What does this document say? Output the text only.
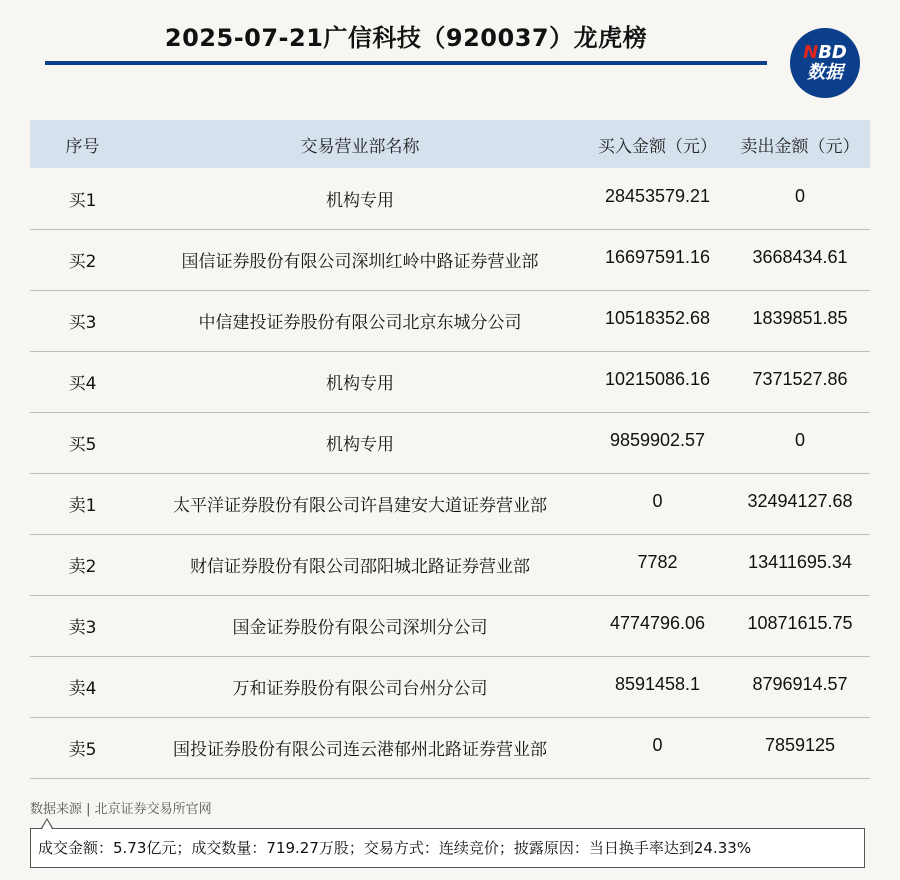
2025-07-21广信科技（920037）龙虎榜
NBD
数据
序号	交易营业部名称	买入金额（元）	卖出金额（元）
买1	机构专用	28453579.21	0
买2	国信证券股份有限公司深圳红岭中路证券营业部	16697591.16	3668434.61
买3	中信建投证券股份有限公司北京东城分公司	10518352.68	1839851.85
买4	机构专用	10215086.16	7371527.86
买5	机构专用	9859902.57	0
卖1	太平洋证券股份有限公司许昌建安大道证券营业部	0	32494127.68
卖2	财信证券股份有限公司邵阳城北路证券营业部	7782	13411695.34
卖3	国金证券股份有限公司深圳分公司	4774796.06	10871615.75
卖4	万和证券股份有限公司台州分公司	8591458.1	8796914.57
卖5	国投证券股份有限公司连云港郁州北路证券营业部	0	7859125
数据来源 | 北京证券交易所官网
成交金额：5.73亿元；成交数量：719.27万股；交易方式：连续竞价；披露原因：当日换手率达到24.33%
